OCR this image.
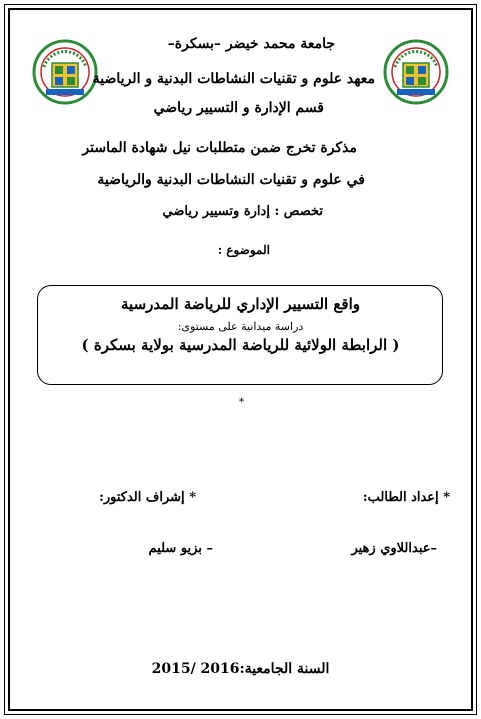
جامعة محمد خيضر –بسكرة–
معهد علوم و تقنيات النشاطات البدنية و الرياضية
قسم الإدارة و التسيير رياضي
مذكرة تخرج ضمن متطلبات نيل شهادة الماستر
في علوم و تقنيات النشاطات البدنية والرياضية
تخصص : إدارة وتسيير رياضي
الموضوع :
واقع التسيير الإداري للرياضة المدرسية
دراسة ميدانية على مستوى:
( الرابطة الولائية للرياضة المدرسية بولاية بسكرة )
*
* إعداد الطالب:
* إشراف الدكتور:
–عبداللاوي زهير
– بزيو سليم
السنة الجامعية:2015/ 2016
